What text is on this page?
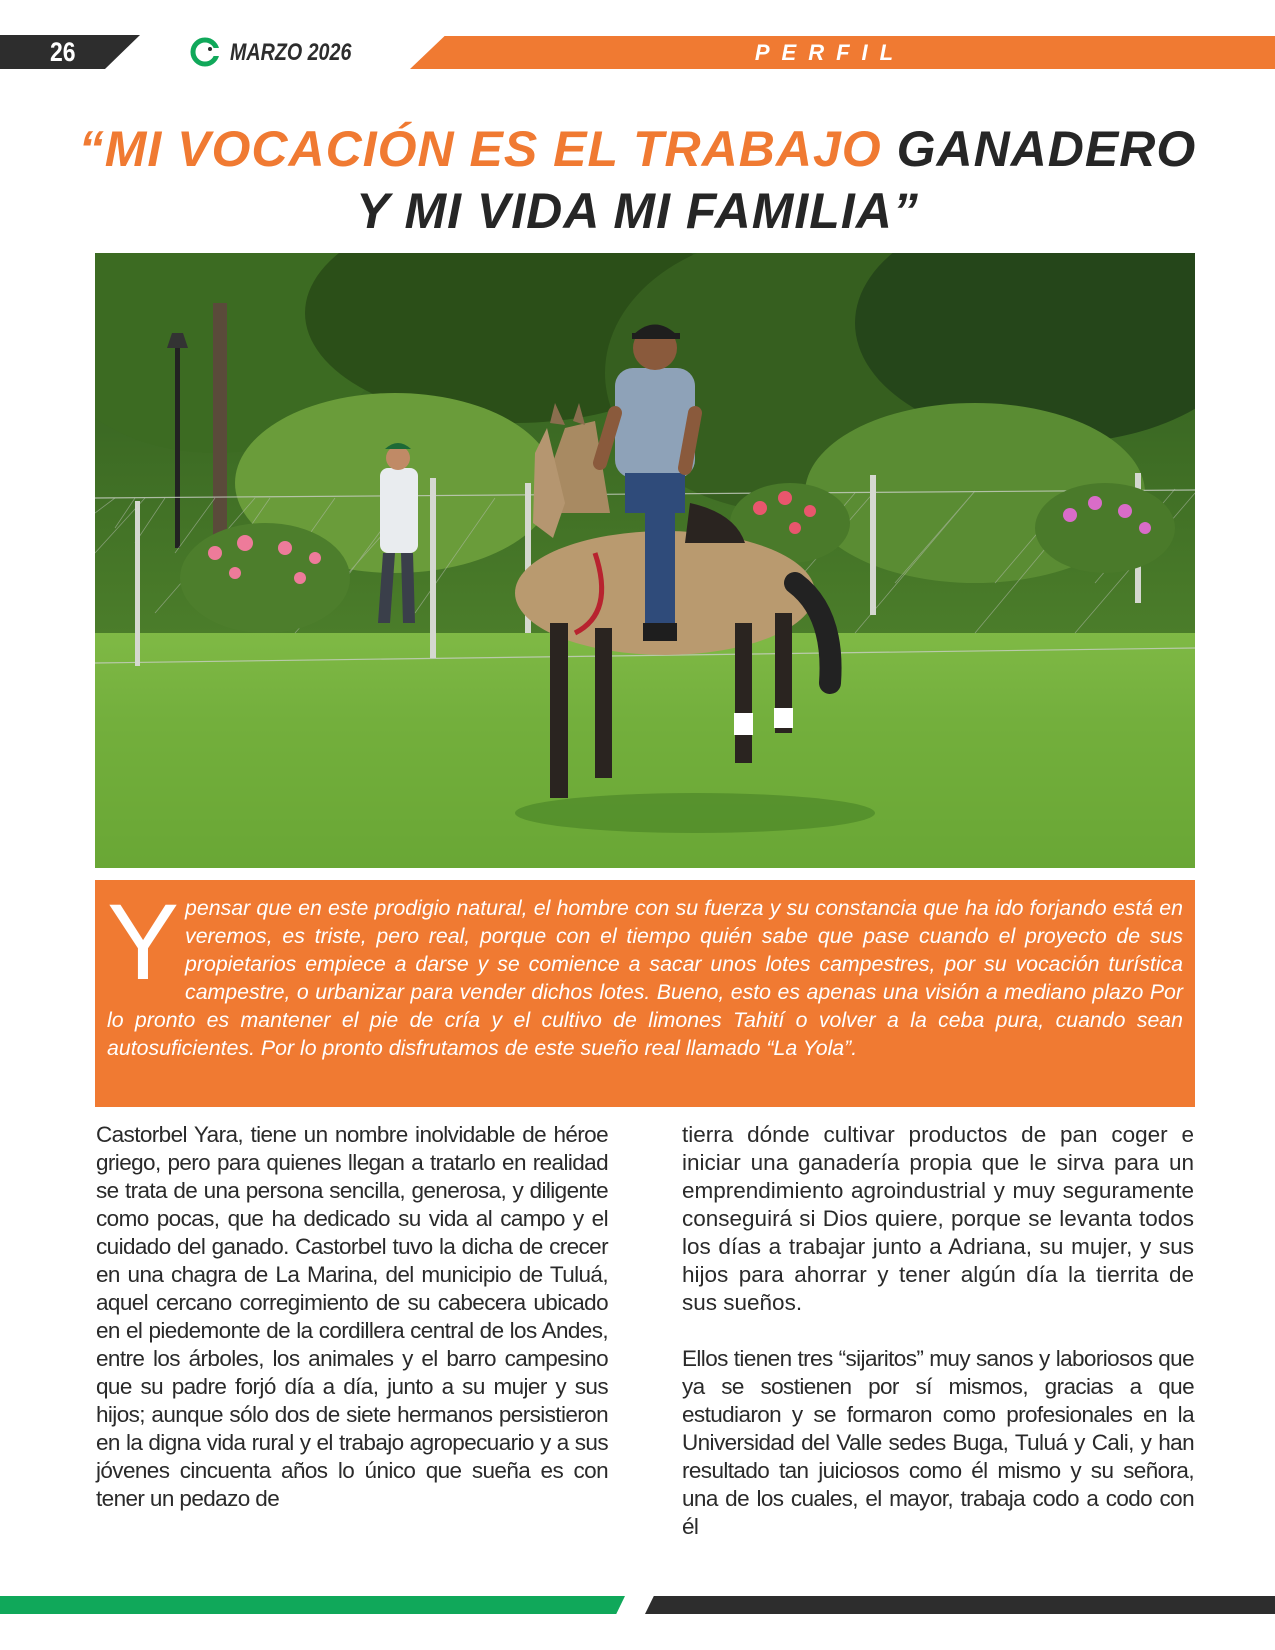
26	MARZO 2026	PERFIL
“MI VOCACIÓN ES EL TRABAJO GANADERO
Y MI VIDA MI FAMILIA”
Ypensar que en este prodigio natural, el hombre con su fuerza y su constancia que ha ido forjando está en veremos, es triste, pero real, porque con el tiempo quién sabe que pase cuando el proyecto de sus propietarios empiece a darse y se comience a sacar unos lotes campestres, por su vocación turística campestre, o urbanizar para vender dichos lotes. Bueno, esto es apenas una visión a mediano plazo Por lo pronto es mantener el pie de cría y el cultivo de limones Tahití o volver a la ceba pura, cuando sean autosuficientes. Por lo pronto disfrutamos de este sueño real llamado “La Yola”.

Castorbel Yara, tiene un nombre inolvidable de héroe griego, pero para quienes llegan a tratarlo en realidad se trata de una persona sencilla, generosa, y diligente como pocas, que ha dedicado su vida al campo y el cuidado del ganado. Castorbel tuvo la dicha de crecer en una chagra de La Marina, del municipio de Tuluá, aquel cercano corregimiento de su cabecera ubicado en el piedemonte de la cordillera central de los Andes, entre los árboles, los animales y el barro campesino que su padre forjó día a día, junto a su mujer y sus hijos; aunque sólo dos de siete hermanos persistieron en la digna vida rural y el trabajo agropecuario y a sus jóvenes cincuenta años lo único que sueña es con tener un pedazo de

tierra dónde cultivar productos de pan coger e iniciar una ganadería propia que le sirva para un emprendimiento agroindustrial y muy seguramente conseguirá si Dios quiere, porque se levanta todos los días a trabajar junto a Adriana, su mujer, y sus hijos para ahorrar y tener algún día la tierrita de sus sueños.

Ellos tienen tres “sijaritos” muy sanos y laboriosos que ya se sostienen por sí mismos, gracias a que estudiaron y se formaron como profesionales en la Universidad del Valle sedes Buga, Tuluá y Cali, y han resultado tan juiciosos como él mismo y su señora, una de los cuales, el mayor, trabaja codo a codo con él
